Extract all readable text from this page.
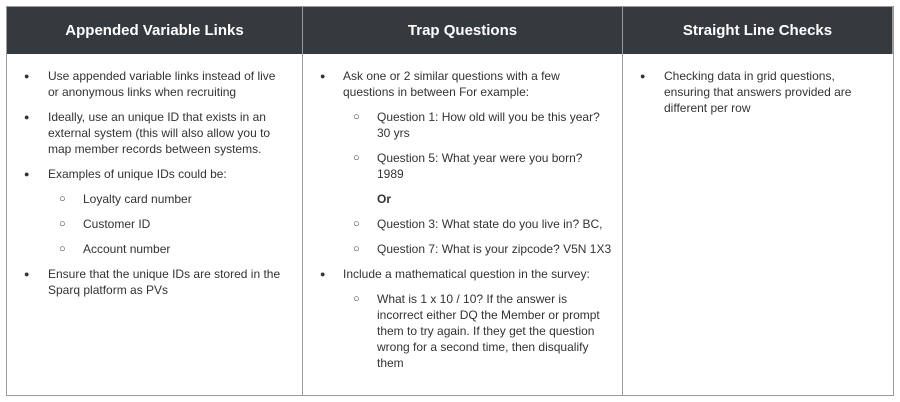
Appended Variable Links	Trap Questions	Straight Line Checks
● Use appended variable links instead of live or anonymous links when recruiting
● Ideally, use an unique ID that exists in an external system (this will also allow you to map member records between systems.
● Examples of unique IDs could be:
○ Loyalty card number
○ Customer ID
○ Account number
● Ensure that the unique IDs are stored in the Sparq platform as PVs
● Ask one or 2 similar questions with a few questions in between For example:
○ Question 1: How old will you be this year? 30 yrs
○ Question 5: What year were you born? 1989
Or
○ Question 3: What state do you live in? BC,
○ Question 7: What is your zipcode? V5N 1X3
● Include a mathematical question in the survey:
○ What is 1 x 10 / 10? If the answer is incorrect either DQ the Member or prompt them to try again. If they get the question wrong for a second time, then disqualify them
● Checking data in grid questions, ensuring that answers provided are different per row
